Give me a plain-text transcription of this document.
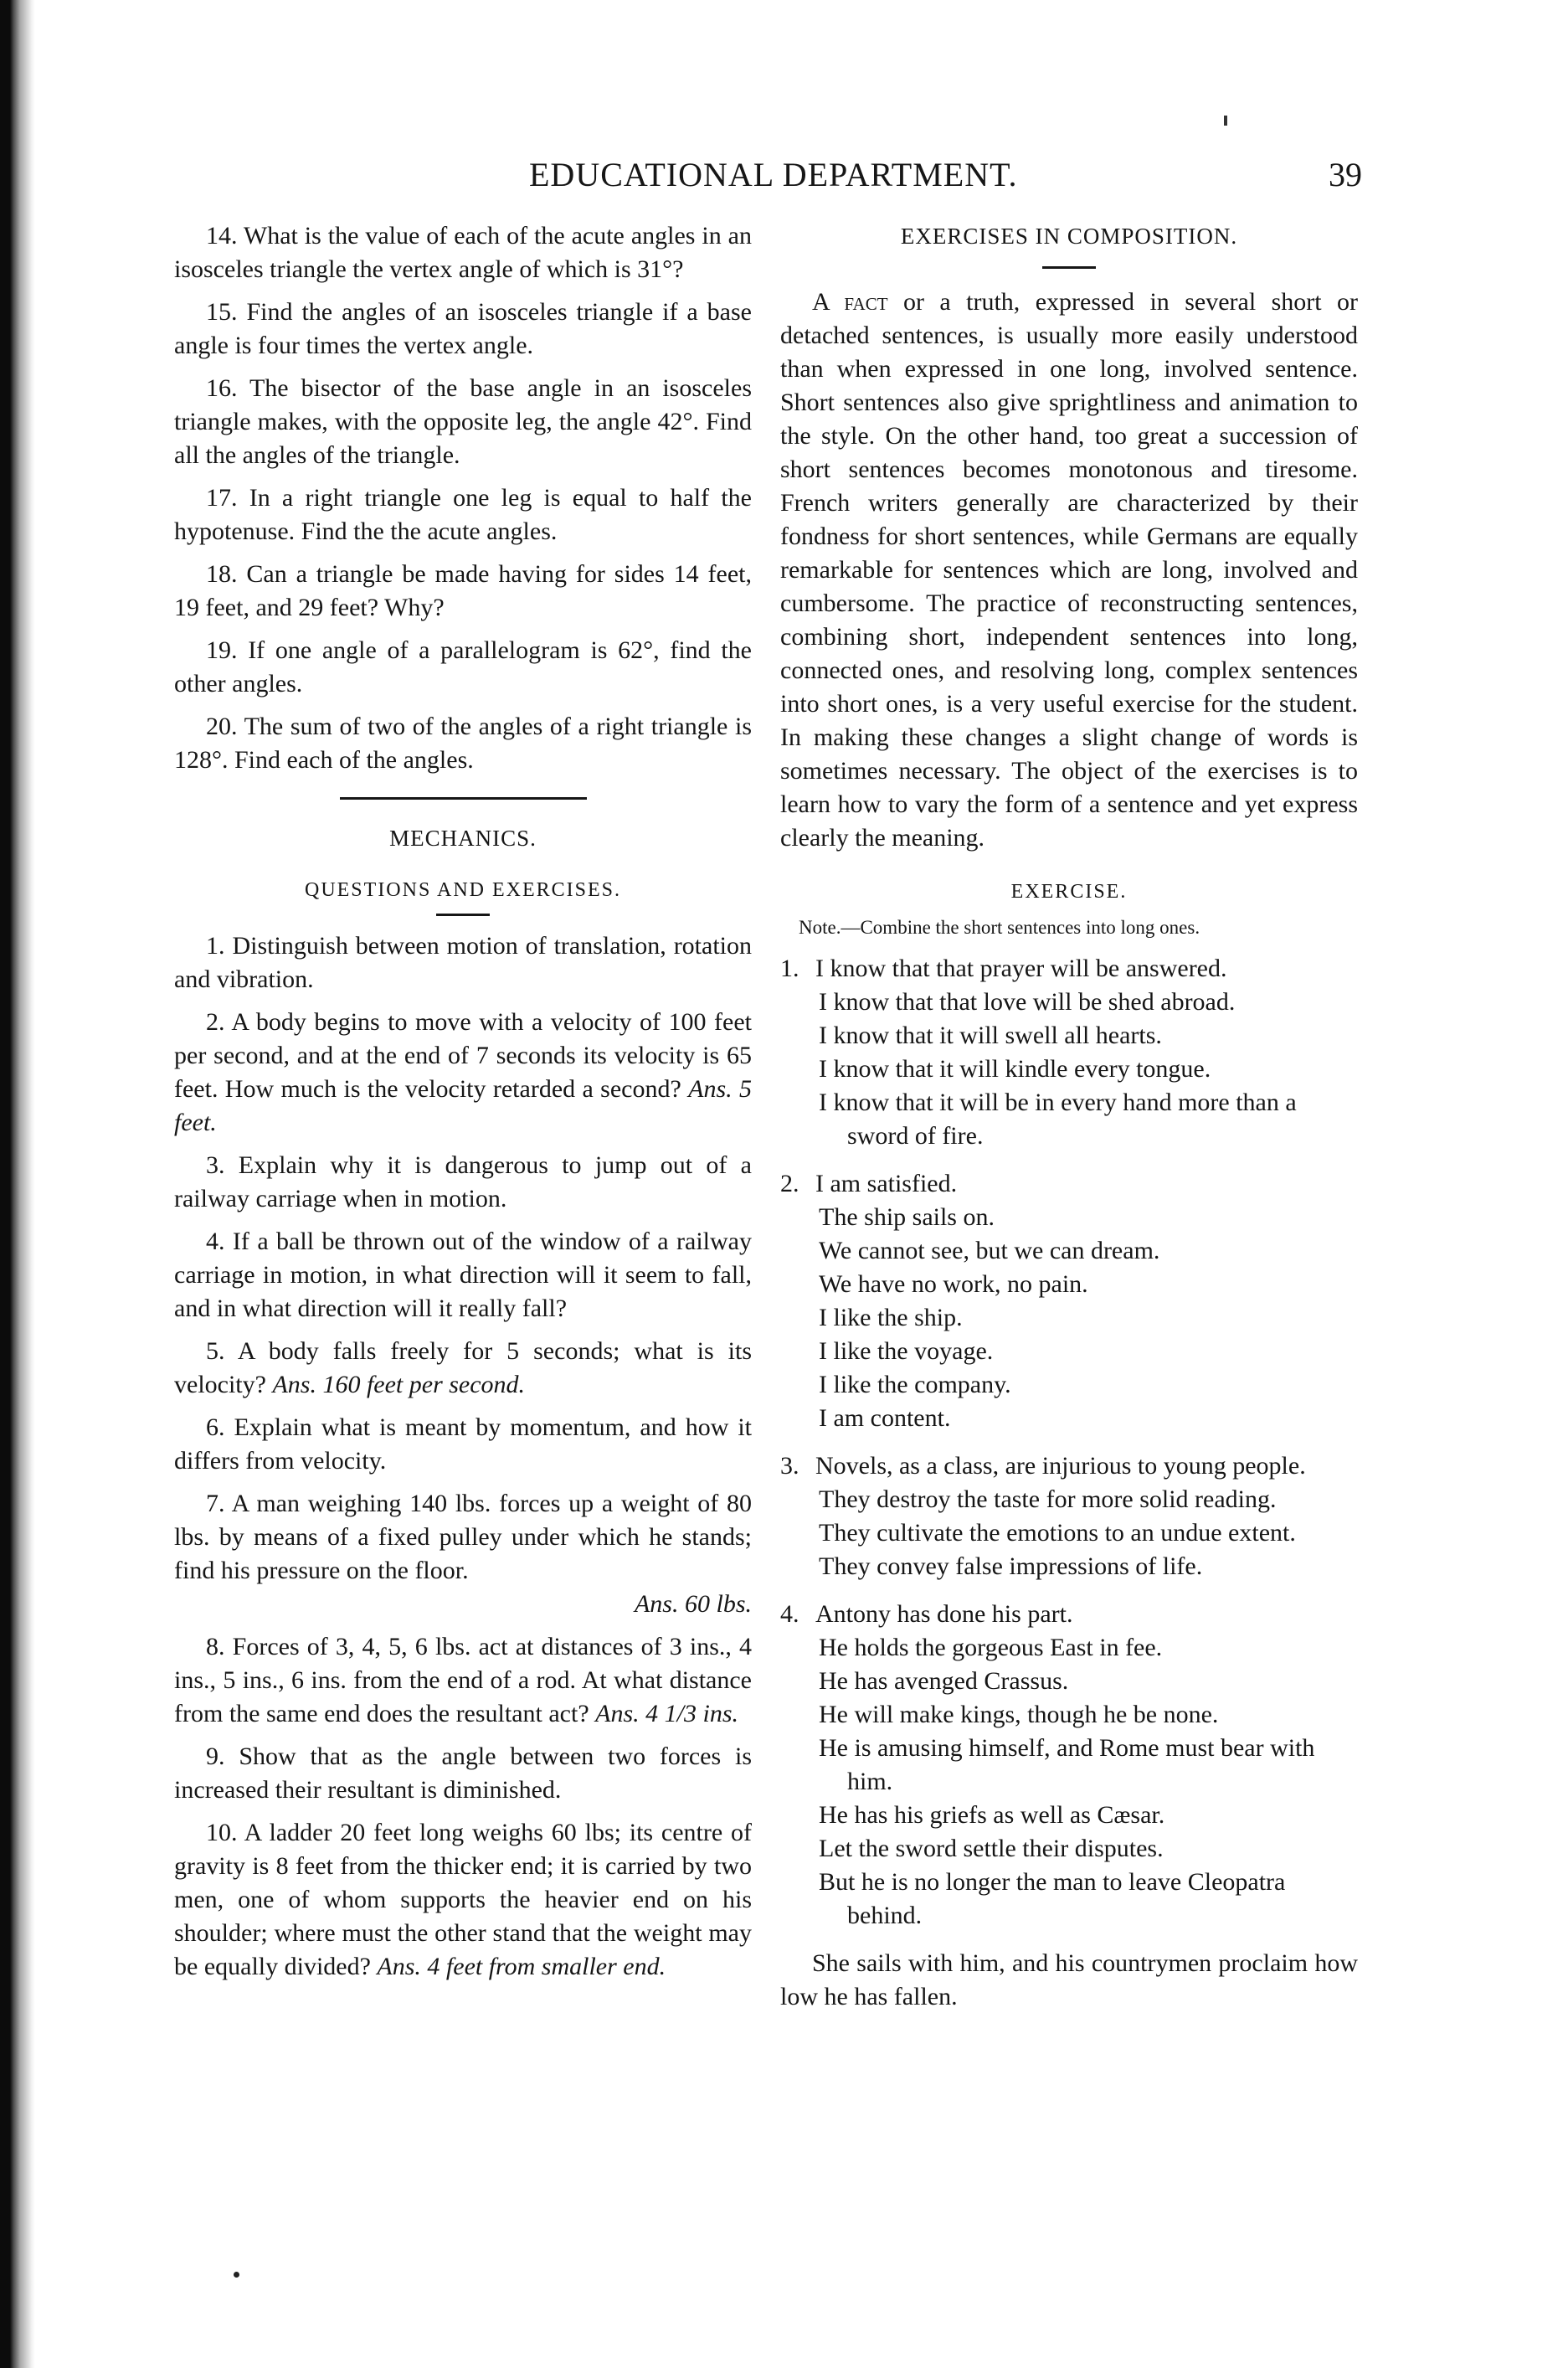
EDUCATIONAL DEPARTMENT.	39

14. What is the value of each of the acute angles in an isosceles triangle the vertex angle of which is 31°?

15. Find the angles of an isosceles triangle if a base angle is four times the vertex angle.

16. The bisector of the base angle in an isosceles triangle makes, with the opposite leg, the angle 42°. Find all the angles of the triangle.

17. In a right triangle one leg is equal to half the hypotenuse. Find the the acute angles.

18. Can a triangle be made having for sides 14 feet, 19 feet, and 29 feet? Why?

19. If one angle of a parallelogram is 62°, find the other angles.

20. The sum of two of the angles of a right triangle is 128°. Find each of the angles.

MECHANICS.

QUESTIONS AND EXERCISES.

1. Distinguish between motion of translation, rotation and vibration.

2. A body begins to move with a velocity of 100 feet per second, and at the end of 7 seconds its velocity is 65 feet. How much is the velocity retarded a second? Ans. 5 feet.

3. Explain why it is dangerous to jump out of a railway carriage when in motion.

4. If a ball be thrown out of the window of a railway carriage in motion, in what direction will it seem to fall, and in what direction will it really fall?

5. A body falls freely for 5 seconds; what is its velocity? Ans. 160 feet per second.

6. Explain what is meant by momentum, and how it differs from velocity.

7. A man weighing 140 lbs. forces up a weight of 80 lbs. by means of a fixed pulley under which he stands; find his pressure on the floor.
Ans. 60 lbs.

8. Forces of 3, 4, 5, 6 lbs. act at distances of 3 ins., 4 ins., 5 ins., 6 ins. from the end of a rod. At what distance from the same end does the resultant act? Ans. 4 1/3 ins.

9. Show that as the angle between two forces is increased their resultant is diminished.

10. A ladder 20 feet long weighs 60 lbs; its centre of gravity is 8 feet from the thicker end; it is carried by two men, one of whom supports the heavier end on his shoulder; where must the other stand that the weight may be equally divided? Ans. 4 feet from smaller end.

EXERCISES IN COMPOSITION.

A fact or a truth, expressed in several short or detached sentences, is usually more easily understood than when expressed in one long, involved sentence. Short sentences also give sprightliness and animation to the style. On the other hand, too great a succession of short sentences becomes monotonous and tiresome. French writers generally are characterized by their fondness for short sentences, while Germans are equally remarkable for sentences which are long, involved and cumbersome. The practice of reconstructing sentences, combining short, independent sentences into long, connected ones, and resolving long, complex sentences into short ones, is a very useful exercise for the student. In making these changes a slight change of words is sometimes necessary. The object of the exercises is to learn how to vary the form of a sentence and yet express clearly the meaning.

EXERCISE.

Note.—Combine the short sentences into long ones.

1. I know that that prayer will be answered.
I know that that love will be shed abroad.
I know that it will swell all hearts.
I know that it will kindle every tongue.
I know that it will be in every hand more than a sword of fire.
2. I am satisfied.
The ship sails on.
We cannot see, but we can dream.
We have no work, no pain.
I like the ship.
I like the voyage.
I like the company.
I am content.
3. Novels, as a class, are injurious to young people.
They destroy the taste for more solid reading.
They cultivate the emotions to an undue extent.
They convey false impressions of life.
4. Antony has done his part.
He holds the gorgeous East in fee.
He has avenged Crassus.
He will make kings, though he be none.
He is amusing himself, and Rome must bear with him.
He has his griefs as well as Cæsar.
Let the sword settle their disputes.
But he is no longer the man to leave Cleopatra behind.

She sails with him, and his countrymen proclaim how low he has fallen.
